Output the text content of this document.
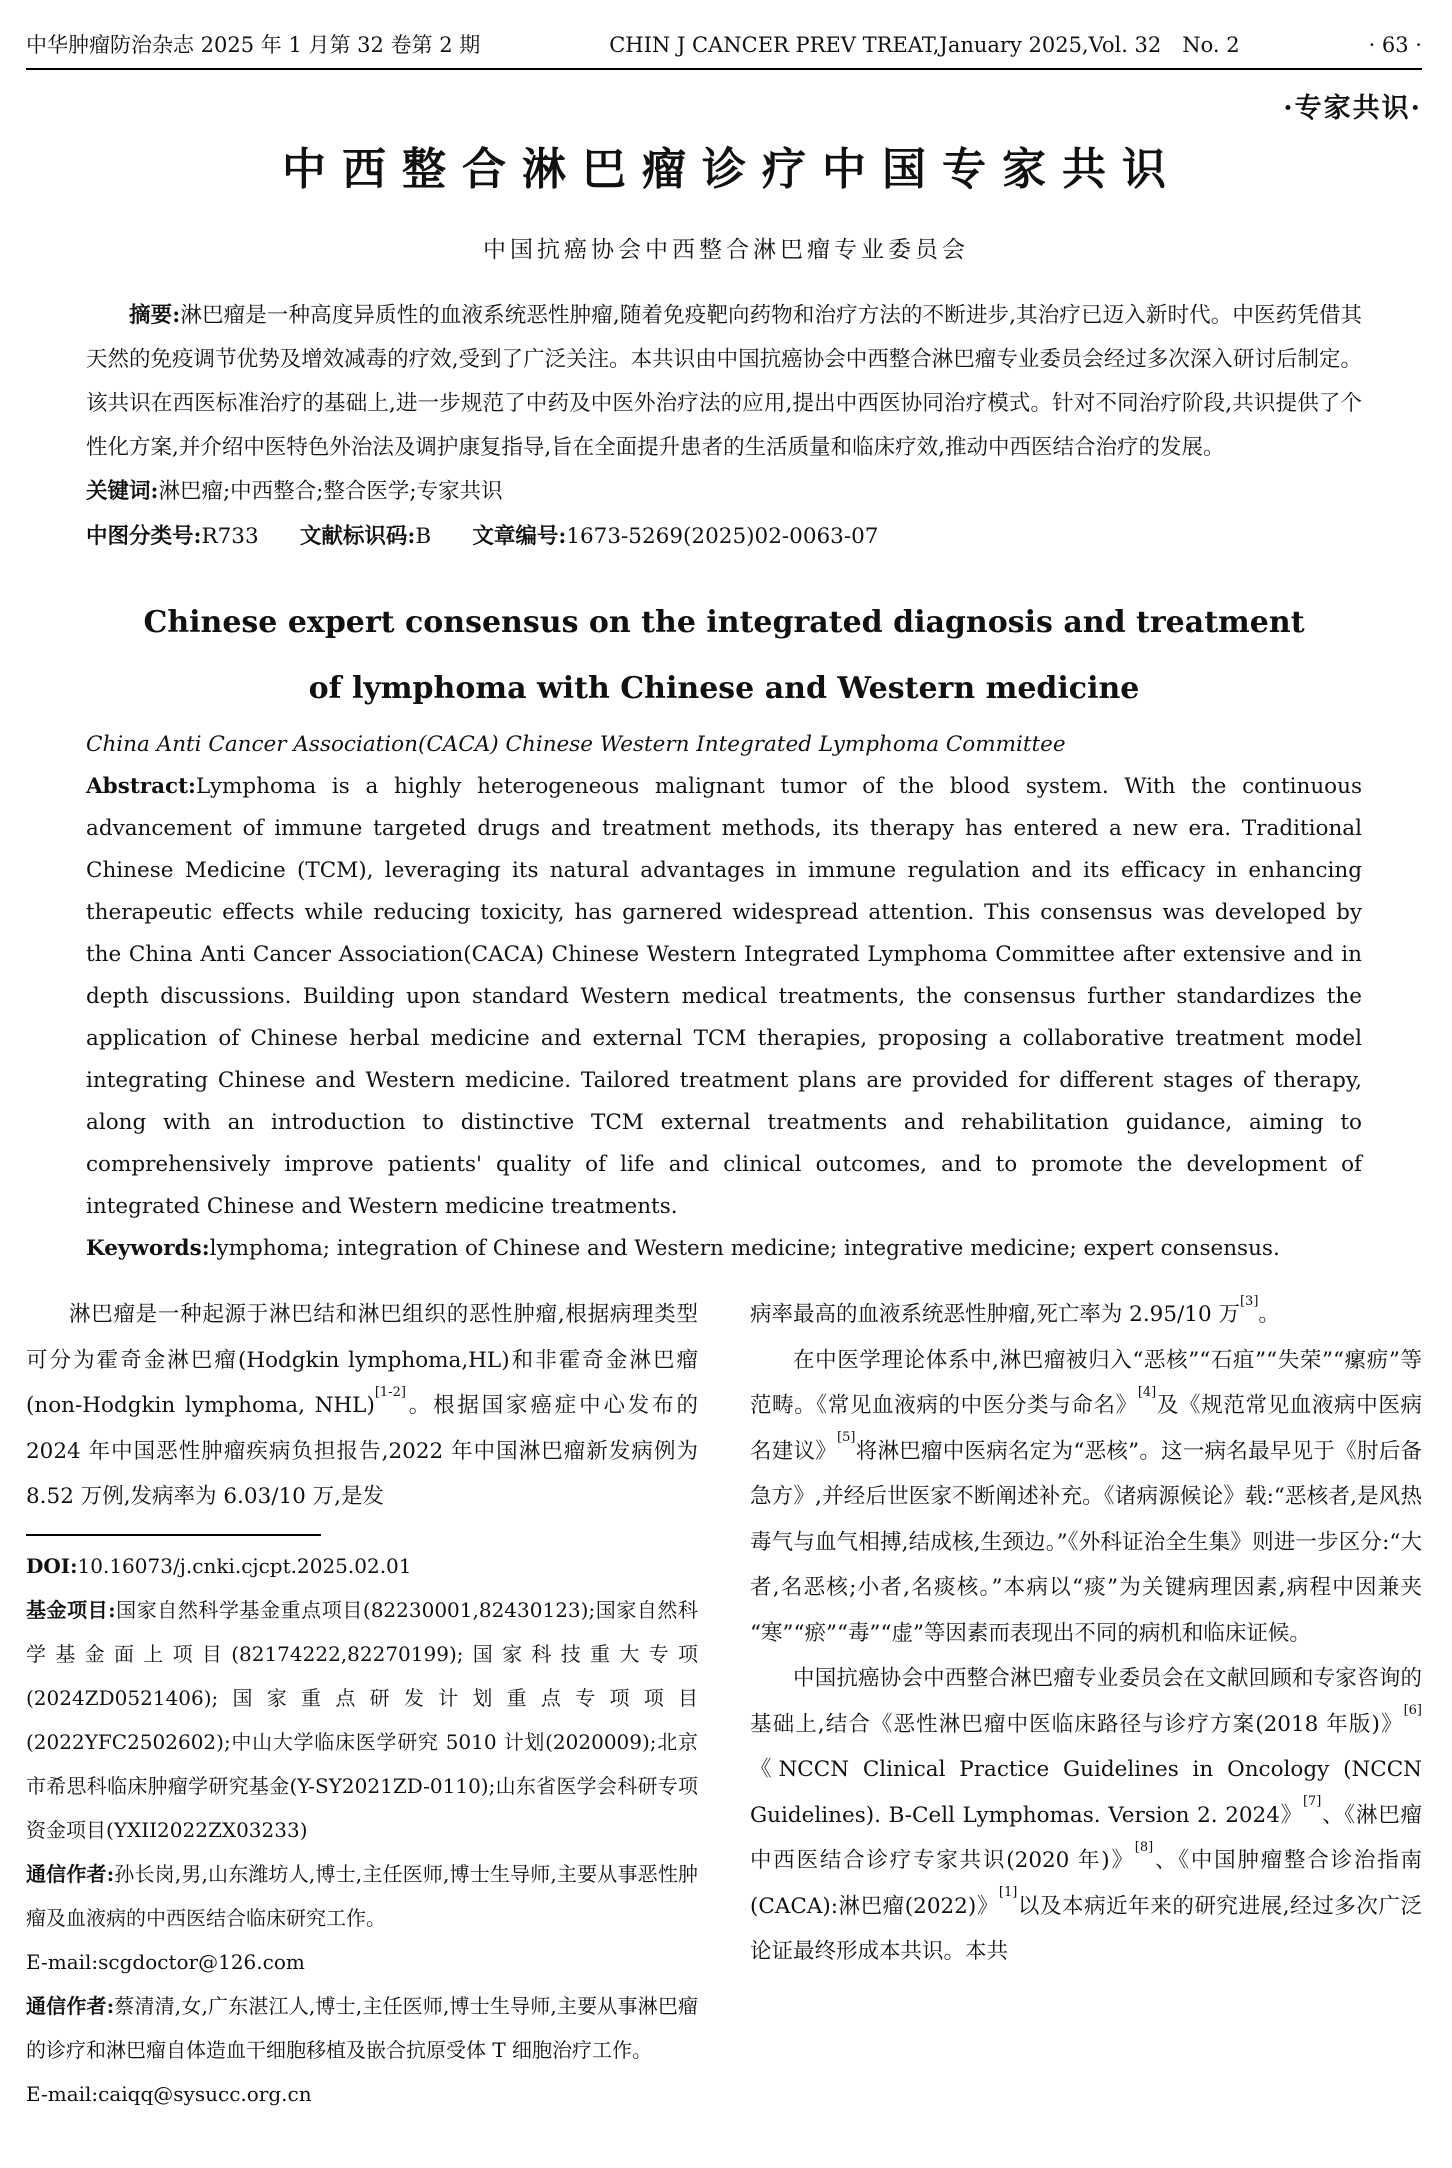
中华肿瘤防治杂志 2025 年 1 月第 32 卷第 2 期	CHIN J CANCER PREV TREAT,January 2025,Vol. 32　No. 2	· 63 ·
·专家共识·
中西整合淋巴瘤诊疗中国专家共识
中国抗癌协会中西整合淋巴瘤专业委员会

摘要:淋巴瘤是一种高度异质性的血液系统恶性肿瘤,随着免疫靶向药物和治疗方法的不断进步,其治疗已迈入新时代。中医药凭借其天然的免疫调节优势及增效减毒的疗效,受到了广泛关注。本共识由中国抗癌协会中西整合淋巴瘤专业委员会经过多次深入研讨后制定。该共识在西医标准治疗的基础上,进一步规范了中药及中医外治疗法的应用,提出中西医协同治疗模式。针对不同治疗阶段,共识提供了个性化方案,并介绍中医特色外治法及调护康复指导,旨在全面提升患者的生活质量和临床疗效,推动中西医结合治疗的发展。

关键词:淋巴瘤;中西整合;整合医学;专家共识

中图分类号:R733 文献标识码:B 文章编号:1673-5269(2025)02-0063-07

Chinese expert consensus on the integrated diagnosis and treatment
of lymphoma with Chinese and Western medicine
China Anti Cancer Association(CACA) Chinese Western Integrated Lymphoma Committee

Abstract:Lymphoma is a highly heterogeneous malignant tumor of the blood system. With the continuous advancement of immune targeted drugs and treatment methods, its therapy has entered a new era. Traditional Chinese Medicine (TCM), leveraging its natural advantages in immune regulation and its efficacy in enhancing therapeutic effects while reducing toxicity, has garnered widespread attention. This consensus was developed by the China Anti Cancer Association(CACA) Chinese Western Integrated Lymphoma Committee after extensive and in depth discussions. Building upon standard Western medical treatments, the consensus further standardizes the application of Chinese herbal medicine and external TCM therapies, proposing a collaborative treatment model integrating Chinese and Western medicine. Tailored treatment plans are provided for different stages of therapy, along with an introduction to distinctive TCM external treatments and rehabilitation guidance, aiming to comprehensively improve patients' quality of life and clinical outcomes, and to promote the development of integrated Chinese and Western medicine treatments.

Keywords:lymphoma; integration of Chinese and Western medicine; integrative medicine; expert consensus.

淋巴瘤是一种起源于淋巴结和淋巴组织的恶性肿瘤,根据病理类型可分为霍奇金淋巴瘤(Hodgkin lymphoma,HL)和非霍奇金淋巴瘤(non-Hodgkin lymphoma, NHL)[1-2]。根据国家癌症中心发布的 2024 年中国恶性肿瘤疾病负担报告,2022 年中国淋巴瘤新发病例为 8.52 万例,发病率为 6.03/10 万,是发

DOI:10.16073/j.cnki.cjcpt.2025.02.01

基金项目:国家自然科学基金重点项目(82230001,82430123);国家自然科学基金面上项目(82174222,82270199);国家科技重大专项(2024ZD0521406);国家重点研发计划重点专项项目(2022YFC2502602);中山大学临床医学研究 5010 计划(2020009);北京市希思科临床肿瘤学研究基金(Y-SY2021ZD-0110);山东省医学会科研专项资金项目(YXII2022ZX03233)

通信作者:孙长岗,男,山东潍坊人,博士,主任医师,博士生导师,主要从事恶性肿瘤及血液病的中西医结合临床研究工作。

E-mail:scgdoctor@126.com

通信作者:蔡清清,女,广东湛江人,博士,主任医师,博士生导师,主要从事淋巴瘤的诊疗和淋巴瘤自体造血干细胞移植及嵌合抗原受体 T 细胞治疗工作。

E-mail:caiqq@sysucc.org.cn

病率最高的血液系统恶性肿瘤,死亡率为 2.95/10 万[3]。

在中医学理论体系中,淋巴瘤被归入“恶核”“石疽”“失荣”“瘰疬”等范畴。《常见血液病的中医分类与命名》[4]及《规范常见血液病中医病名建议》[5]将淋巴瘤中医病名定为“恶核”。这一病名最早见于《肘后备急方》,并经后世医家不断阐述补充。《诸病源候论》载:“恶核者,是风热毒气与血气相搏,结成核,生颈边。”《外科证治全生集》则进一步区分:“大者,名恶核;小者,名痰核。”本病以“痰”为关键病理因素,病程中因兼夹“寒”“瘀”“毒”“虚”等因素而表现出不同的病机和临床证候。

中国抗癌协会中西整合淋巴瘤专业委员会在文献回顾和专家咨询的基础上,结合《恶性淋巴瘤中医临床路径与诊疗方案(2018 年版)》[6]《NCCN Clinical Practice Guidelines in Oncology (NCCN Guidelines). B-Cell Lymphomas. Version 2. 2024》[7]、《淋巴瘤中西医结合诊疗专家共识(2020 年)》[8]、《中国肿瘤整合诊治指南(CACA):淋巴瘤(2022)》[1]以及本病近年来的研究进展,经过多次广泛论证最终形成本共识。本共
